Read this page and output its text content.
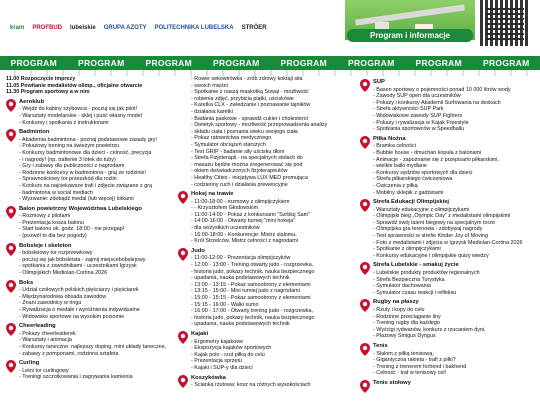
kram PROFBUD lubelskie GRUPA AZOTY POLITECHNIKA LUBELSKA STRÖER
Program i informacje
PROGRAM PROGRAM PROGRAM PROGRAM PROGRAM PROGRAM PROGRAM PROGRAM

11.00 Rozpoczęcie imprezy

11.05 Powitanie medalistów olimp., oficjalne otwarcie

11.30 Program sportowy a w nim

Aeroklub

- Wejdź do kabiny szybowca - poczuj się jak pilot!

- Warsztaty modelarskie - sklej i puść własny model

- Konkursy i spotkania z instruktorami

Badminton

- Akademia badmintona - poznaj podstawowe zasady gry!

- Pokazowy trening na świeżym powietrzu

- Konkursy badmintonowe dla dzieci - celność, precyzja

- i nagrody! (np. trafienie 3 lotek do tuby)

- Gry i zabawy dla publiczności z nagrodami

- Rodzinne konkursy w badmintona - graj ze rodzinie!

- Sprawnościowy tor przeszkód dla rozlin

- Konkurs na najciekawsze trafi i zdjęcie związane z grą

- badmintona w social mediach

- Wyzwanie: zdobądź medal (lub więcej) lotkami

Balon powietrzny Województwa Lubelskiego

- Rozmowy z pilotami

- Prezentacja kosza balonu

- Start balonu ok. godz. 18:00 - nie przegap!

- (pozwól to dla bez pogody)

Bobsleje i skeleton

- bobsleiowy tor rozprzewkowy

- poczuj się jak bobsleista - zajmij miejscebobslejowy

- spotkania z zawodnikami - uczestnikami Igrzysk

- Olimpijskich Mediolan-Cortina 2026

Boks

- Udział czołowych polskich pięściarzy i pięściarek

- Międzynarodowa obsada zawodów

- Znani zawodnicy w ringu

- Rywalizacja o medale i wyróżnienia indywidualne

- Widowisko sportowe na wysokim poziomie

Cheerleading

- Pokazy cheerleaderek

- Warsztaty i animacja

- Konkursy taneczne: najlepszy doping, mini układy taneczne,

- zabawy z pomponami, rodzinna sztafeta

Curling

- Letni tor curlingowy

- Treningi szczotkowania i zagrywania kamienia

- Rower sekowirówka - zrób zdrowy koktajl siła

- swoich mięśni

- Spotkanie z naszą maskotką Sowąl - możliwość

- robienia zdjęć, przybicia piątki, uściskówe

- Karetka CLX - zwiedzanie i poznawanie tajników

- działania karetki

- Badania paskowe - sprawdź cukier i cholesterol

- Dietetyk sportowy - możliwość przeprowadzenia analizy

- składu ciała i poznania wieku swojego ciała

- Pokaz ratownictwa medycznego

- Symulator obciążeń starszych

- Test GRIP - badanie siły uścisku dłoni

- Strefa Fizjoterapii - na specjalnych stołach do

- masażu będzie można zregenerować się pod

- okiem doświadczonych fizjoterapeutów

- Healthy Cities - inicjatywa LUX MED promująca

- codzienny ruch i działania prewencyjne

Hokej na trawie

- 11:00-18:00 - rozmowy z olimpijczykiem

- - Krzysztofem Głodowskim

- 11:00-14:00 - Pokaz z konkursami "Szrbluj Sam"

- 14:00-16:00 - Otwarty turniej "mini hokeja"

- dla wszystkich uczestników

- 16:00-18:00 - Konkurencje: Mistrz slalomu,

- Król Strzelców, Mistrz celności z nagrodami

Judo

- 11:00-12:00 - Prezentacja olimpijczyków

- 12:00 - 13:00 - Trening otwarty judo - rozgrzewka,

- historia judo, pokazy technik, nauka bezpiecznego

- upadania, nauka podstawowych technik

- 13:00 - 13:15 - Pokaz samoobrony z elementami

- 13:15 - 15:00 - Mini turniej judo z nagrodami

- 15:00 - 15:15 - Pokaz samoobrony z elementami

- 15:15 - 16:00 - Walki sumo

- 16:00 - 17:00 - Otwarty trening judo - rozgrzewka,

- historia judo, pokazy technik, nauka bezpiecznego

- upadania, nauka podstawowych technik

Kajaki

- Ergometry kajakowe

- Ekspozycja kajaków sportowych

- Kajak polo - rzut piłką do celu

- Prezentacja sprzętu

- Kajaki i SUP-y dla dzieci

Koszykówka

- Ścianka rzutowa: kosz na różnych wysokościach

SUP

- Basen sportowy o pojemności ponad 10 000 litrów wody

- Zawody SUP open dla uczestników

- Pokazy i konkursy Akademii Surfowania na deskach

- Strefa aktywności SUP Park

- Widowiskowe zawody SUP Fighters

- Pokazy i rywalizacja w Kajak Freestyle

- Spotkania sportowców w Speedballu

Piłka Nożna

- Bramka celności

- Bubble house - dmuchan kopuła z balonami

- Animacje - zapoznanie się z przepisami piłkarskimi,

- wielkie balki mydlane

- Konkursy sędziów sportowych dla dzieci

- Strefa piłkarskiego ćwiczeniowa

- Ćwiczenia z piłką

- Mobilny sklepik z gadżetami

Strefa Edukacji Olimpijskiej

- Warsztaty edukacyjne z olimpijczykami

- Olimpijski bieg „Olympic Day" z medalistami olimpijskimi

- Sprawdź swój talent biegowy na specjalnym torze

- Olimpijska gra terenowa - zdobywaj nagrody

- Test sprawności w strefie Kinder Joy of Moving

- Foto z medalistami i zdjęcia w Igrzysk Mediolan-Cortina 2026

- Spotkanie z olimpijczykami

- Konkursy edukacyjne i olimpijskie quizy wiedzy

Strefa Lubelskie - smakuj życie

- Lubelskie produkty produktów regionalnych

- Strefa Bezpieczna Turystyka

- Symulator dachowania

- Symulator czasu reakcji i refleksu

Rugby na płaszy

- Rzuty i kopy do celu

- Rodzinne przeciąganie liny

- Trening rugby dla każdego

- Wyścigi rydwanów, konkurs z rzucaniem dyni,

- Plażowy Śmigus Dyngus

Tenis

- Slalom z piłką tenisową,

- Gigantyczna rakieta - trafi z piłki?

- Trening z trenerem forhend i bakhend

- Celność - traf w tenisowy cel!

Tenis stołowy
